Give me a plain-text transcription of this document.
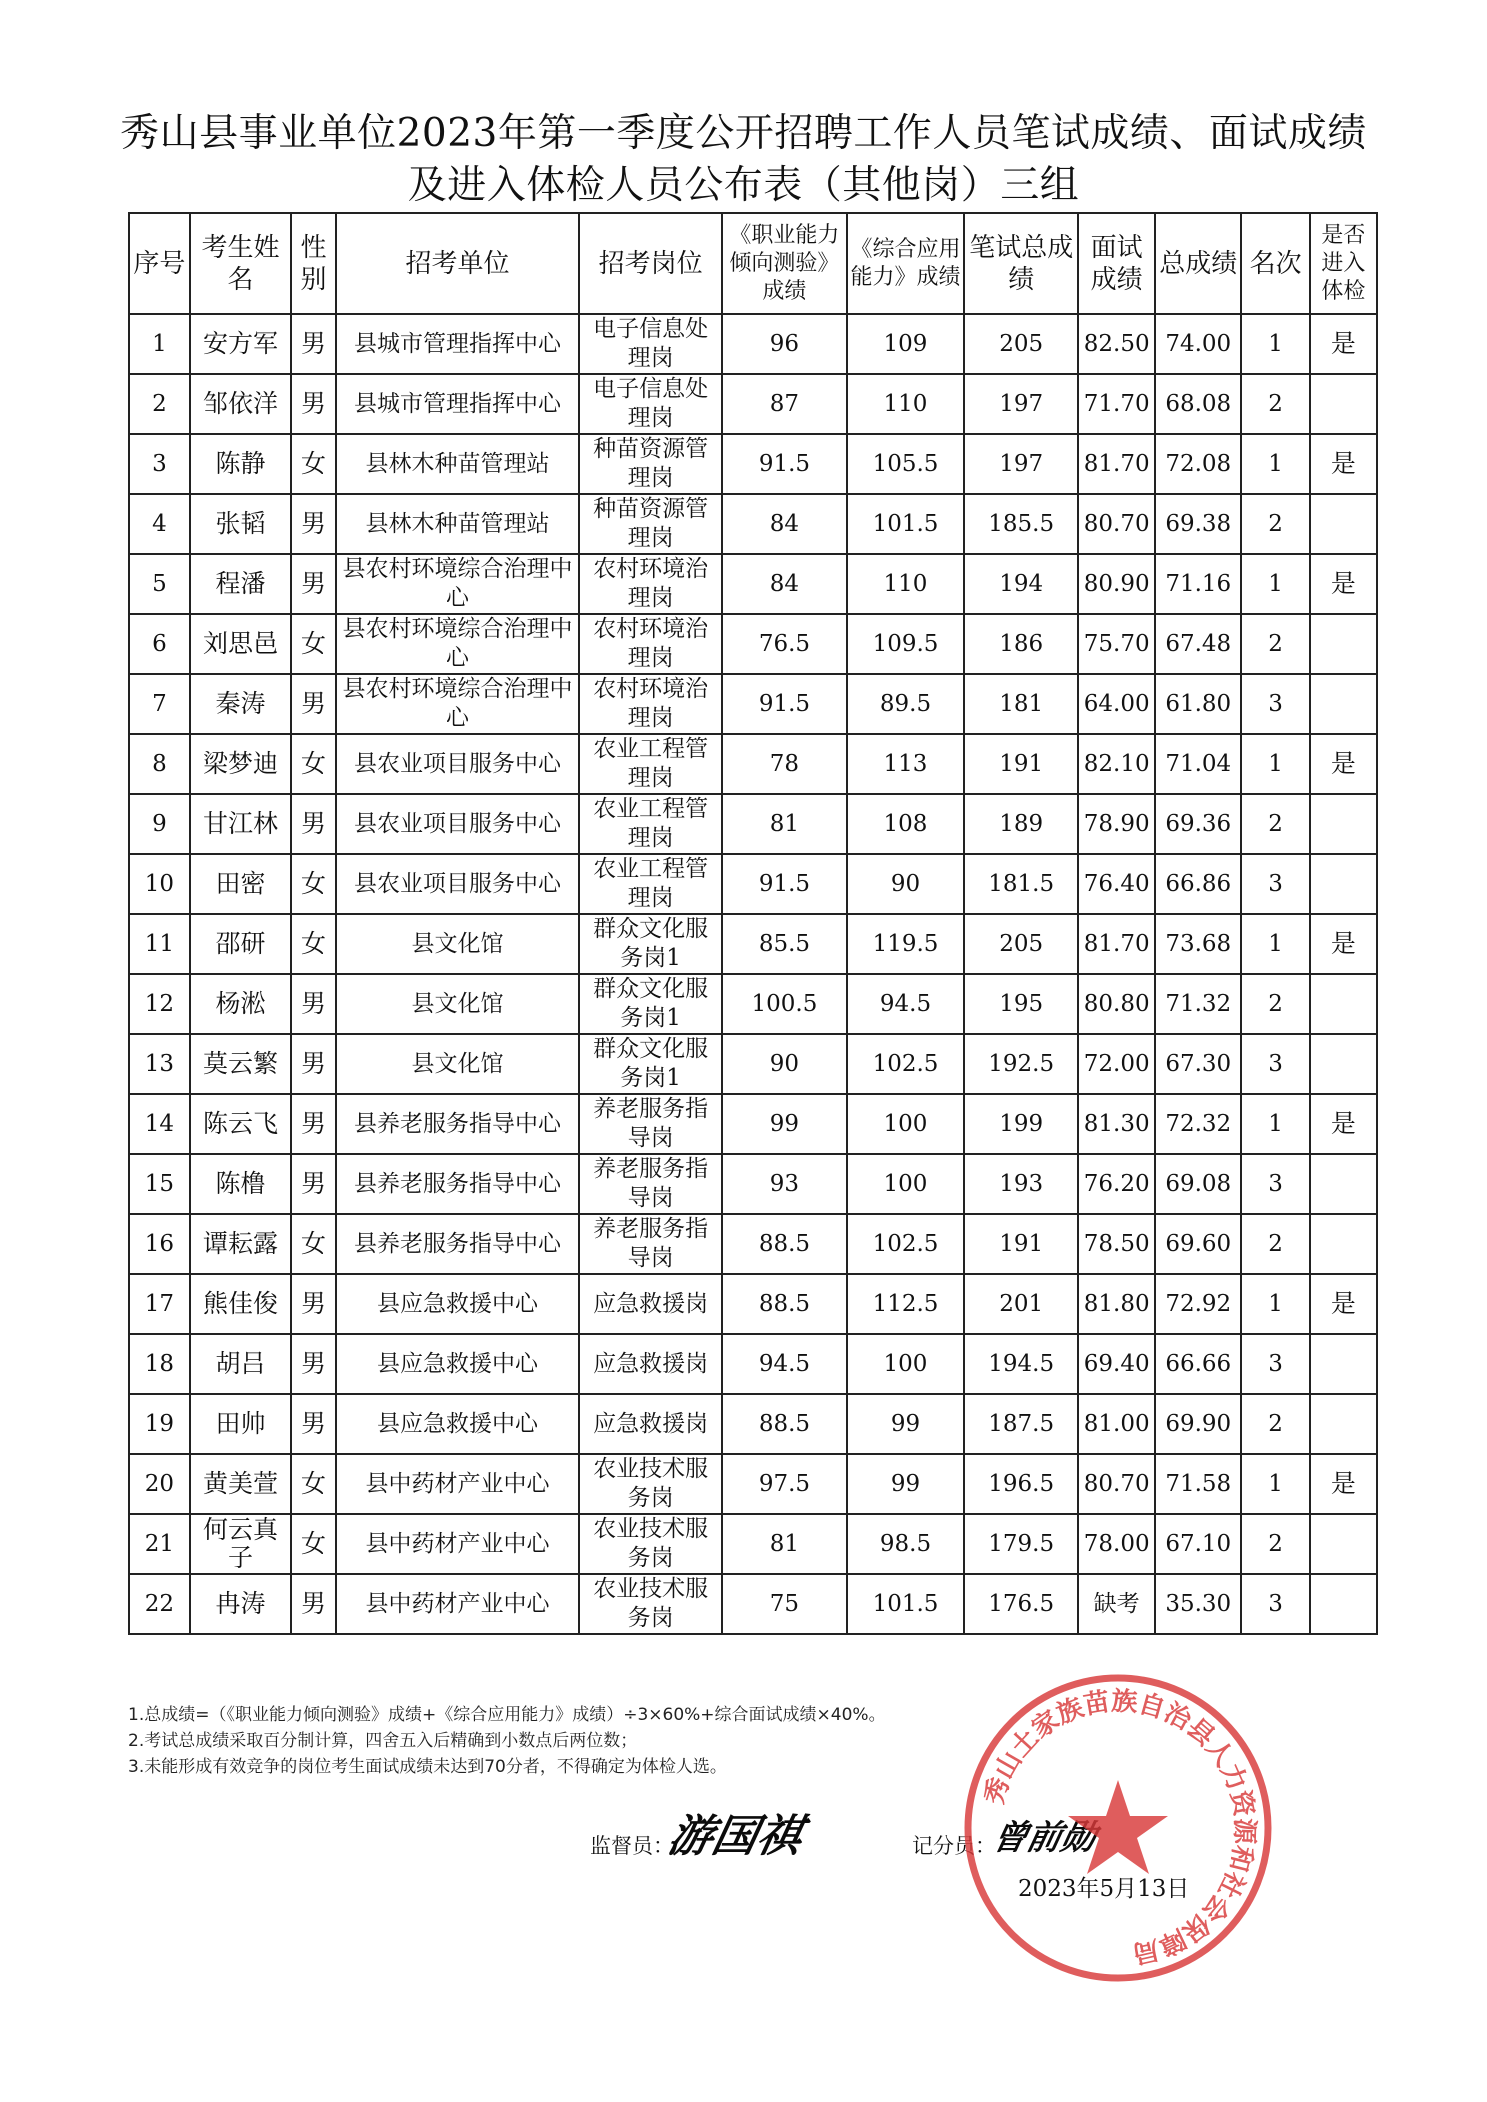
秀山县事业单位2023年第一季度公开招聘工作人员笔试成绩、面试成绩
及进入体检人员公布表（其他岗）三组
序号	考生姓名	性别	招考单位	招考岗位	《职业能力倾向测验》成绩	《综合应用能力》成绩	笔试总成绩	面试成绩	总成绩	名次	是否进入体检
1	安方军	男	县城市管理指挥中心	电子信息处理岗	96	109	205	82.50	74.00	1	是
2	邹依洋	男	县城市管理指挥中心	电子信息处理岗	87	110	197	71.70	68.08	2	
3	陈静	女	县林木种苗管理站	种苗资源管理岗	91.5	105.5	197	81.70	72.08	1	是
4	张韬	男	县林木种苗管理站	种苗资源管理岗	84	101.5	185.5	80.70	69.38	2	
5	程潘	男	县农村环境综合治理中心	农村环境治理岗	84	110	194	80.90	71.16	1	是
6	刘思邑	女	县农村环境综合治理中心	农村环境治理岗	76.5	109.5	186	75.70	67.48	2	
7	秦涛	男	县农村环境综合治理中心	农村环境治理岗	91.5	89.5	181	64.00	61.80	3	
8	梁梦迪	女	县农业项目服务中心	农业工程管理岗	78	113	191	82.10	71.04	1	是
9	甘江林	男	县农业项目服务中心	农业工程管理岗	81	108	189	78.90	69.36	2	
10	田密	女	县农业项目服务中心	农业工程管理岗	91.5	90	181.5	76.40	66.86	3	
11	邵研	女	县文化馆	群众文化服务岗1	85.5	119.5	205	81.70	73.68	1	是
12	杨淞	男	县文化馆	群众文化服务岗1	100.5	94.5	195	80.80	71.32	2	
13	莫云繁	男	县文化馆	群众文化服务岗1	90	102.5	192.5	72.00	67.30	3	
14	陈云飞	男	县养老服务指导中心	养老服务指导岗	99	100	199	81.30	72.32	1	是
15	陈橹	男	县养老服务指导中心	养老服务指导岗	93	100	193	76.20	69.08	3	
16	谭耘露	女	县养老服务指导中心	养老服务指导岗	88.5	102.5	191	78.50	69.60	2	
17	熊佳俊	男	县应急救援中心	应急救援岗	88.5	112.5	201	81.80	72.92	1	是
18	胡吕	男	县应急救援中心	应急救援岗	94.5	100	194.5	69.40	66.66	3	
19	田帅	男	县应急救援中心	应急救援岗	88.5	99	187.5	81.00	69.90	2	
20	黄美萱	女	县中药材产业中心	农业技术服务岗	97.5	99	196.5	80.70	71.58	1	是
21	何云真子	女	县中药材产业中心	农业技术服务岗	81	98.5	179.5	78.00	67.10	2	
22	冉涛	男	县中药材产业中心	农业技术服务岗	75	101.5	176.5	缺考	35.30	3	
1.总成绩=（《职业能力倾向测验》成绩+《综合应用能力》成绩）÷3×60%+综合面试成绩×40%。
2.考试总成绩采取百分制计算，四舍五入后精确到小数点后两位数；
3.未能形成有效竞争的岗位考生面试成绩未达到70分者，不得确定为体检人选。
监督员：
游国祺	记分员：
曾前勋
秀山土家族苗族自治县人力资源和社会保障局
2023年5月13日
